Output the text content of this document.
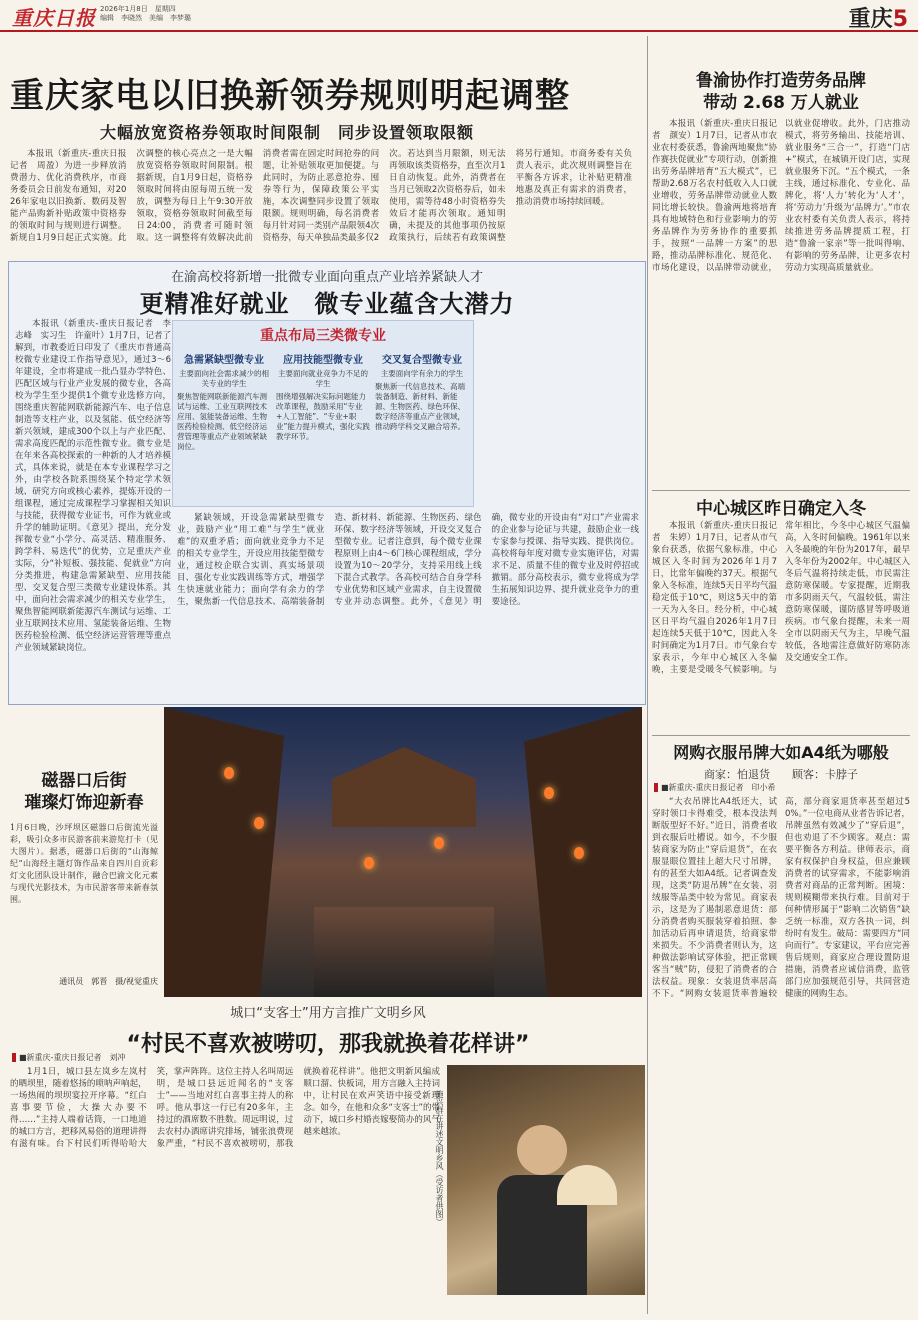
重庆日报 2026年1月8日　星期四
编辑　李晓然　美编　李梦璐	重庆5
重庆家电以旧换新领券规则明起调整
大幅放宽资格券领取时间限制　同步设置领取限额

本报讯（新重庆-重庆日报记者　周盈）为进一步释放消费潜力、优化消费秩序，市商务委员会日前发布通知，对2026年家电以旧换新、数码及智能产品购新补贴政策中资格券的领取时间与规则进行调整。新规自1月9日起正式实施。此次调整的核心亮点之一是大幅放宽资格券领取时间限制。根据新规，自1月9日起，资格券领取时间将由原每周五统一发放，调整为每日上午9:30开放领取，资格券领取时间截至每日24:00，消费者可随时领取。这一调整将有效解决此前消费者需在固定时间抢券的问题，让补贴领取更加便捷。与此同时，为防止恶意抢券、囤券等行为，保障政策公平实施，本次调整同步设置了领取限额。规则明确，每名消费者每月针对同一类别产品限领4次资格券，每天单独品类最多仅2次。若达到当月限额，则无法再领取该类资格券，直至次月1日自动恢复。此外，消费者在当月已领取2次资格券后，如未使用，需等待48小时资格券失效后才能再次领取。通知明确，未提及的其他事项仍按原政策执行，后续若有政策调整将另行通知。市商务委有关负责人表示，此次规则调整旨在平衡各方诉求，让补贴更精准地惠及真正有需求的消费者，推动消费市场持续回暖。

在渝高校将新增一批微专业面向重点产业培养紧缺人才
更精准好就业　微专业蕴含大潜力

本报讯（新重庆-重庆日报记者　李志峰　实习生　许童叶）1月7日，记者了解到，市教委近日印发了《重庆市普通高校微专业建设工作指导意见》，通过3～6年建设，全市将建成一批凸显办学特色、匹配区域与行业产业发展的微专业，各高校为学生至少提供1个微专业选修方向，围绕重庆智能网联新能源汽车、电子信息制造等支柱产业，以及氢能、低空经济等新兴领域，建成300个以上与产业匹配、需求高度匹配的示范性微专业。微专业是在年来各高校探索的一种新的人才培养模式，具体来说，就是在本专业课程学习之外，由学校各院系围绕某个特定学术领域、研究方向或核心素养，提炼开设的一组课程，通过完成课程学习掌握相关知识与技能，获得微专业证书，可作为就业或升学的辅助证明。《意见》提出，充分发挥微专业“小学分、高灵活、精准服务、跨学科、易迭代”的优势，立足重庆产业实际，分“补短板、强技能、促就业”方向分类推进，构建急需紧缺型、应用技能型、交叉复合型三类微专业建设体系。其中，面向社会需求减少的相关专业学生，聚焦智能网联新能源汽车测试与运维、工业互联网技术应用、氢能装备运维、生物医药检验检测、低空经济运营管理等重点产业领域紧缺岗位。

紧缺领域，开设急需紧缺型微专业，鼓励产业“用工难”与学生“就业难”的双重矛盾；面向就业竞争力不足的相关专业学生，开设应用技能型微专业，通过校企联合实训、真实场景项目、强化专业实践训练等方式，增强学生快速就业能力；面向学有余力的学生，聚焦新一代信息技术、高端装备制造、新材料、新能源、生物医药、绿色环保、数字经济等领域，开设交叉复合型微专业。记者注意到，每个微专业课程原则上由4～6门核心课程组成，学分设置为10～20学分，支持采用线上线下混合式教学。各高校可结合自身学科专业优势和区域产业需求，自主设置微专业并动态调整。此外，《意见》明确，微专业的开设由有“对口”产业需求的企业参与论证与共建，鼓励企业一线专家参与授课、指导实践、提供岗位。高校将每年度对微专业实施评估，对需求不足、质量不佳的微专业及时停招或撤销。部分高校表示，微专业将成为学生拓展知识边界、提升就业竞争力的重要途径。

重点布局三类微专业
急需紧缺型微专业
主要面向社会需求减少的相关专业的学生
聚焦智能网联新能源汽车测试与运维、工业互联网技术应用、氢能装备运维、生物医药检验检测、低空经济运营管理等重点产业领域紧缺岗位。
应用技能型微专业
主要面向就业竞争力不足的学生
围绕增强解决实际问题能力改革课程，鼓励采用“专业+人工智能”、“专业+职业”能力提升模式，强化实践教学环节。
交叉复合型微专业
主要面向学有余力的学生
聚焦新一代信息技术、高端装备制造、新材料、新能源、生物医药、绿色环保、数字经济等重点产业领域，推动跨学科交叉融合培养。
磁器口后街
璀璨灯饰迎新春
1月6日晚，沙坪坝区磁器口后街流光溢彩，吸引众多市民游客前来游览打卡（见大图片）。据悉，磁器口后街的“山海鲸纪”山海经主题灯饰作品来自四川自贡彩灯文化团队设计制作，融合巴渝文化元素与现代光影技术，为市民游客带来新春氛围。
通讯员　郭晋　摄/视觉重庆
城口“支客士”用方言推广文明乡风
“村民不喜欢被唠叨，那我就换着花样讲”
■新重庆-重庆日报记者　刘冲

1月1日，城口县左岚乡左岚村的晒坝里，随着悠扬的唢呐声响起，一场热闹的坝坝宴拉开序幕。“红白喜事要节俭，大操大办要不得……”主持人端着话筒，一口地道的城口方言，把移风易俗的道理讲得有滋有味。台下村民们听得哈哈大笑，掌声阵阵。这位主持人名叫周远明，是城口县远近闻名的“支客士”——当地对红白喜事主持人的称呼。他从事这一行已有20多年，主持过的酒席数不胜数。周远明说，过去农村办酒席讲究排场，铺张浪费现象严重，“村民不喜欢被唠叨，那我就换着花样讲”。他把文明新风编成顺口溜、快板词，用方言融入主持词中，让村民在欢声笑语中接受新理念。如今，在他和众多“支客士”的带动下，城口乡村婚丧嫁娶简办的风气越来越浓。	施兴群在讲述文明乡风（受访者供图）
鲁渝协作打造劳务品牌
带动 2.68 万人就业

本报讯（新重庆-重庆日报记者　颜安）1月7日，记者从市农业农村委获悉，鲁渝两地聚焦“协作赛扶促就业”专项行动，创新推出劳务品牌培育“五大模式”，已帮助2.68万名农村低收入人口就业增收，劳务品牌带动就业人数同比增长较快。鲁渝两地将培育具有地域特色和行业影响力的劳务品牌作为劳务协作的重要抓手，按照“一品牌一方案”的思路，推动品牌标准化、规范化、市场化建设，以品牌带动就业，以就业促增收。此外，门店推动模式，将劳务输出、技能培训、就业服务“三合一”，打造“门店+”模式，在城镇开设门店，实现就业服务下沉。“五个模式，一条主线，通过标准化、专业化、品牌化，将‘人力’转化为‘人才’，将‘劳动力’升级为‘品牌力’。”市农业农村委有关负责人表示，将持续推进劳务品牌提质工程，打造“鲁渝一家亲”等一批叫得响、有影响的劳务品牌，让更多农村劳动力实现高质量就业。

中心城区昨日确定入冬

本报讯（新重庆-重庆日报记者　朱婷）1月7日，记者从市气象台获悉，依据气象标准，中心城区入冬时间为2026年1月7日，比常年偏晚约37天。根据气象入冬标准，连续5天日平均气温稳定低于10℃，则这5天中的第一天为入冬日。经分析，中心城区日平均气温自2026年1月7日起连续5天低于10℃，因此入冬时间确定为1月7日。市气象台专家表示，今年中心城区入冬偏晚，主要是受暖冬气候影响。与常年相比，今冬中心城区气温偏高，入冬时间偏晚。1961年以来入冬最晚的年份为2017年，最早入冬年份为2002年。中心城区入冬后气温将持续走低，市民需注意防寒保暖。专家提醒，近期我市多阴雨天气，气温较低，需注意防寒保暖，谨防感冒等呼吸道疾病。市气象台提醒，未来一周全市以阴雨天气为主，早晚气温较低，各地需注意做好防寒防冻及交通安全工作。

网购衣服吊牌大如A4纸为哪般
商家：怕退货　　顾客：卡脖子
■新重庆-重庆日报记者　印小希

“大衣吊牌比A4纸还大，试穿时领口卡得难受，根本没法判断版型好不好。”近日，消费者收到衣服后吐槽说。如今，不少服装商家为防止“穿后退货”，在衣服显眼位置挂上超大尺寸吊牌，有的甚至大如A4纸。记者调查发现，这类“防退吊牌”在女装、羽绒服等品类中较为常见。商家表示，这是为了遏制恶意退货：部分消费者购买服装穿着拍照、参加活动后再申请退货，给商家带来损失。不少消费者则认为，这种做法影响试穿体验，把正常顾客当“贼”防，侵犯了消费者的合法权益。现象：女装退货率居高不下。“网购女装退货率普遍较高，部分商家退货率甚至超过50%。”一位电商从业者告诉记者，吊牌虽然有效减少了“穿后退”，但也劝退了不少顾客。观点：需要平衡各方利益。律师表示，商家有权保护自身权益，但应兼顾消费者的试穿需求，不能影响消费者对商品的正常判断。困境：规则模糊带来执行难。目前对于何种情形属于“影响二次销售”缺乏统一标准，双方各执一词，纠纷时有发生。破局：需要四方“同向而行”。专家建议，平台应完善售后规则，商家应合理设置防退措施，消费者应诚信消费，监管部门应加强规范引导，共同营造健康的网购生态。
